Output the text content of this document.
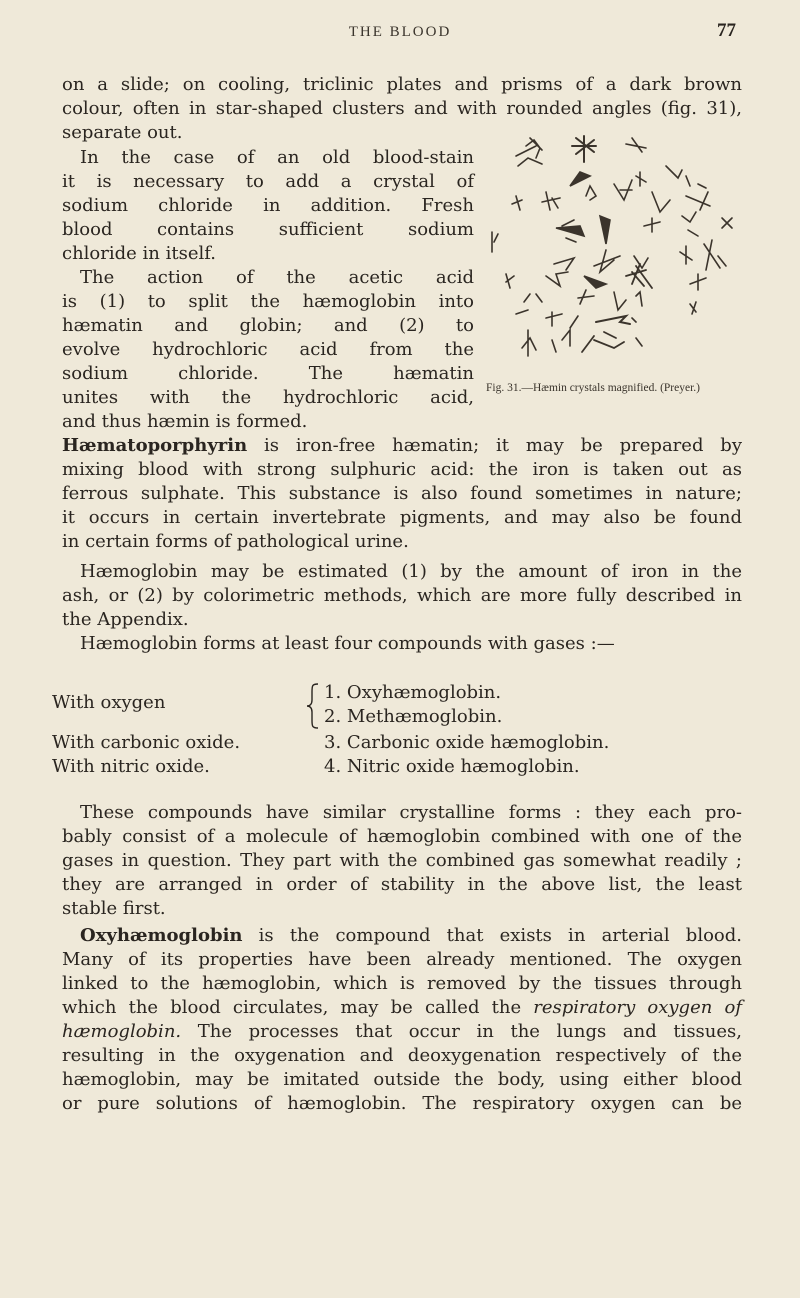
THE BLOOD	77
on a slide; on cooling, triclinic plates and prisms of a dark brown
colour, often in star-shaped clusters and with rounded angles (fig. 31),
separate out.
In the case of an old blood-stain
it is necessary to add a crystal of
sodium chloride in addition. Fresh
blood contains sufficient sodium
chloride in itself.
The action of the acetic acid
is (1) to split the hæmoglobin into
hæmatin and globin; and (2) to
evolve hydrochloric acid from the
sodium chloride. The hæmatin
unites with the hydrochloric acid,
and thus hæmin is formed.
Fig. 31.—Hæmin crystals magnified. (Preyer.)
Hæmatoporphyrin is iron-free hæmatin; it may be prepared by
mixing blood with strong sulphuric acid: the iron is taken out as
ferrous sulphate. This substance is also found sometimes in nature;
it occurs in certain invertebrate pigments, and may also be found
in certain forms of pathological urine.
Hæmoglobin may be estimated (1) by the amount of iron in the
ash, or (2) by colorimetric methods, which are more fully described in
the Appendix.
Hæmoglobin forms at least four compounds with gases :—
With oxygen	1. Oxyhæmoglobin.
2. Methæmoglobin.
With carbonic oxide.	3. Carbonic oxide hæmoglobin.
With nitric oxide.	4. Nitric oxide hæmoglobin.
These compounds have similar crystalline forms : they each pro-
bably consist of a molecule of hæmoglobin combined with one of the
gases in question. They part with the combined gas somewhat readily ;
they are arranged in order of stability in the above list, the least
stable first.
Oxyhæmoglobin is the compound that exists in arterial blood.
Many of its properties have been already mentioned. The oxygen
linked to the hæmoglobin, which is removed by the tissues through
which the blood circulates, may be called the respiratory oxygen of
hæmoglobin. The processes that occur in the lungs and tissues,
resulting in the oxygenation and deoxygenation respectively of the
hæmoglobin, may be imitated outside the body, using either blood
or pure solutions of hæmoglobin. The respiratory oxygen can be
